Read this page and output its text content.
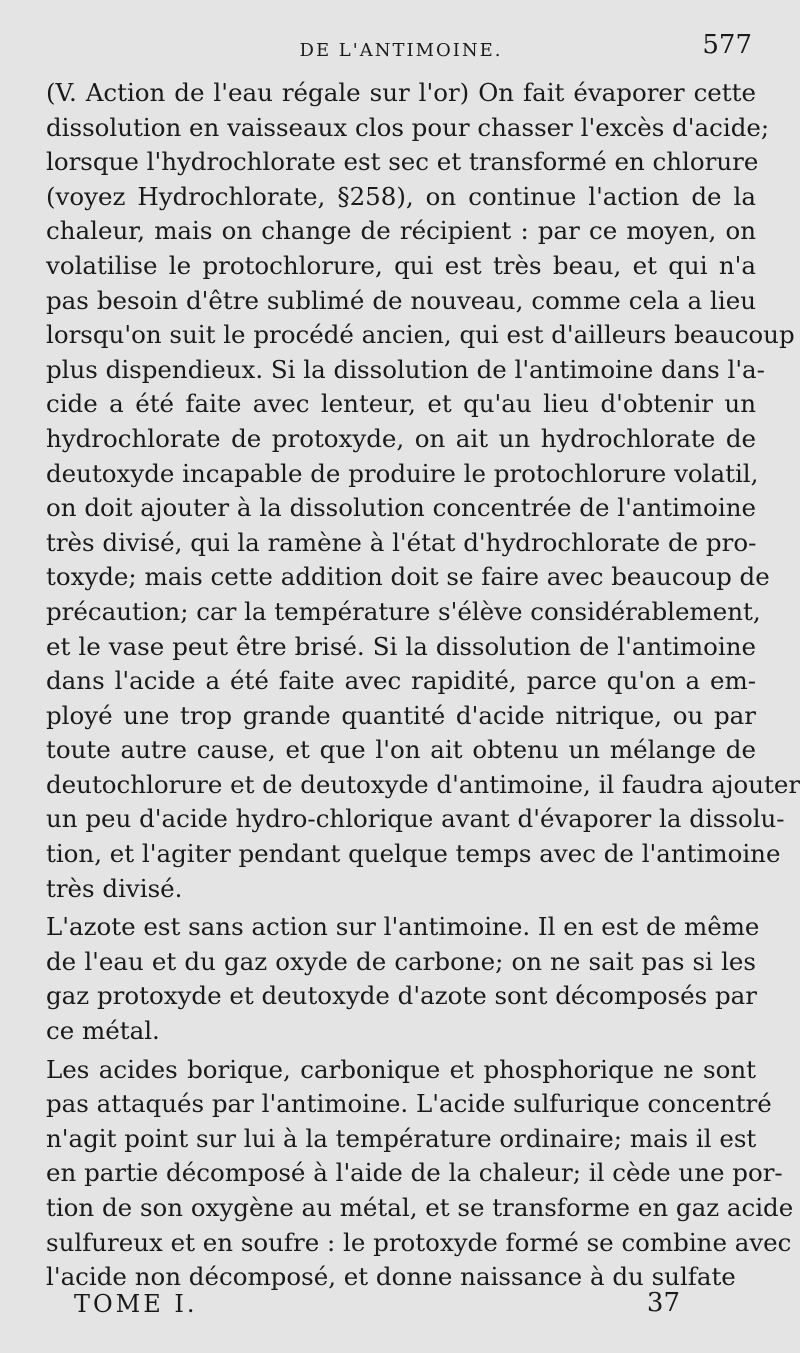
DE L'ANTIMOINE.	577
(V. Action de l'eau régale sur l'or) On fait évaporer cette
dissolution en vaisseaux clos pour chasser l'excès d'acide;
lorsque l'hydrochlorate est sec et transformé en chlorure
(voyez Hydrochlorate, §258), on continue l'action de la
chaleur, mais on change de récipient : par ce moyen, on
volatilise le protochlorure, qui est très beau, et qui n'a
pas besoin d'être sublimé de nouveau, comme cela a lieu
lorsqu'on suit le procédé ancien, qui est d'ailleurs beaucoup
plus dispendieux. Si la dissolution de l'antimoine dans l'a-
cide a été faite avec lenteur, et qu'au lieu d'obtenir un
hydrochlorate de protoxyde, on ait un hydrochlorate de
deutoxyde incapable de produire le protochlorure volatil,
on doit ajouter à la dissolution concentrée de l'antimoine
très divisé, qui la ramène à l'état d'hydrochlorate de pro-
toxyde; mais cette addition doit se faire avec beaucoup de
précaution; car la température s'élève considérablement,
et le vase peut être brisé. Si la dissolution de l'antimoine
dans l'acide a été faite avec rapidité, parce qu'on a em-
ployé une trop grande quantité d'acide nitrique, ou par
toute autre cause, et que l'on ait obtenu un mélange de
deutochlorure et de deutoxyde d'antimoine, il faudra ajouter
un peu d'acide hydro-chlorique avant d'évaporer la dissolu-
tion, et l'agiter pendant quelque temps avec de l'antimoine
très divisé.
L'azote est sans action sur l'antimoine. Il en est de même
de l'eau et du gaz oxyde de carbone; on ne sait pas si les
gaz protoxyde et deutoxyde d'azote sont décomposés par
ce métal.
Les acides borique, carbonique et phosphorique ne sont
pas attaqués par l'antimoine. L'acide sulfurique concentré
n'agit point sur lui à la température ordinaire; mais il est
en partie décomposé à l'aide de la chaleur; il cède une por-
tion de son oxygène au métal, et se transforme en gaz acide
sulfureux et en soufre : le protoxyde formé se combine avec
l'acide non décomposé, et donne naissance à du sulfate
TOME I.	37
